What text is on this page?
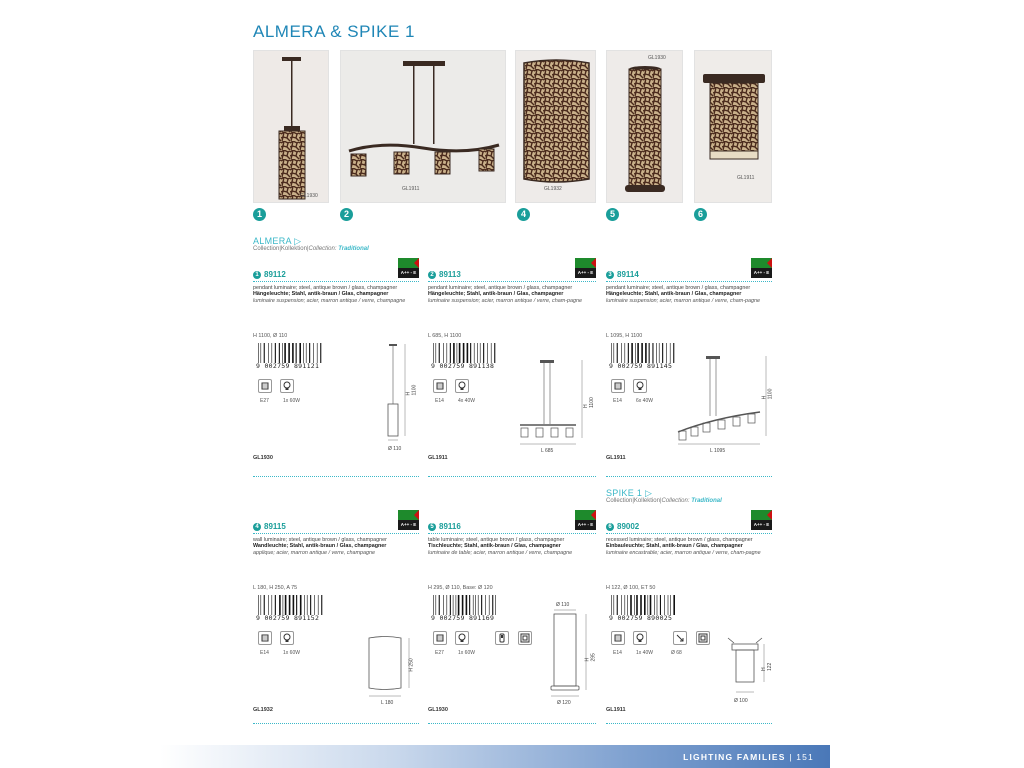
ALMERA & SPIKE 1
GL1930
GL1911	GL1932
GL1930
GL1911
1	2	4	5	6
ALMERA ▷
Collection|Kollektion|Collection: Traditional
SPIKE 1 ▷
Collection|Kollektion|Collection: Traditional
A++ - E
1 89112
pendant luminaire; steel, antique brown / glass, champagner
Hängeleuchte; Stahl, antik-braun / Glas, champagner
luminaire suspension; acier, marron antique / verre, champagne
H 1100, Ø 110
9 002759 891121
E27	1x 60W
H 1100
Ø 110
GL1930
A++ - E
2 89113
pendant luminaire; steel, antique brown / glass, champagner
Hängeleuchte; Stahl, antik-braun / Glas, champagner
luminaire suspension; acier, marron antique / verre, cham-pagne
L 685, H 1100
9 002759 891138
E14	4x 40W
H 1100
L 685
GL1911
A++ - E
3 89114
pendant luminaire; steel, antique brown / glass, champagner
Hängeleuchte; Stahl, antik-braun / Glas, champagner
luminaire suspension; acier, marron antique / verre, cham-pagne
L 1095, H 1100
9 002759 891145
E14	6x 40W
H 1100
L 1095
GL1911
A++ - E
4 89115
wall luminaire; steel, antique brown / glass, champagner
Wandleuchte; Stahl, antik-braun / Glas, champagner
applique; acier, marron antique / verre, champagne
L 180, H 250, A 75
9 002759 891152
E14	1x 60W
H 250
L 180
GL1932
A++ - E
5 89116
table luminaire; steel, antique brown / glass, champagner
Tischleuchte; Stahl, antik-braun / Glas, champagner
luminaire de table; acier, marron antique / verre, champagne
H 295, Ø 110, Base: Ø 120
9 002759 891169
E27	1x 60W
Ø 110
H 295
Ø 120
GL1930
A++ - E
6 89002
recessed luminaire; steel, antique brown / glass, champagner
Einbauleuchte; Stahl, antik-braun / Glas, champagner
luminaire encastrable; acier, marron antique / verre, cham-pagne
H 122, Ø 100, ET 50
9 002759 890025
E14	1x 40W	Ø 68
H 122
Ø 100
GL1911
LIGHTING FAMILIES | 151
